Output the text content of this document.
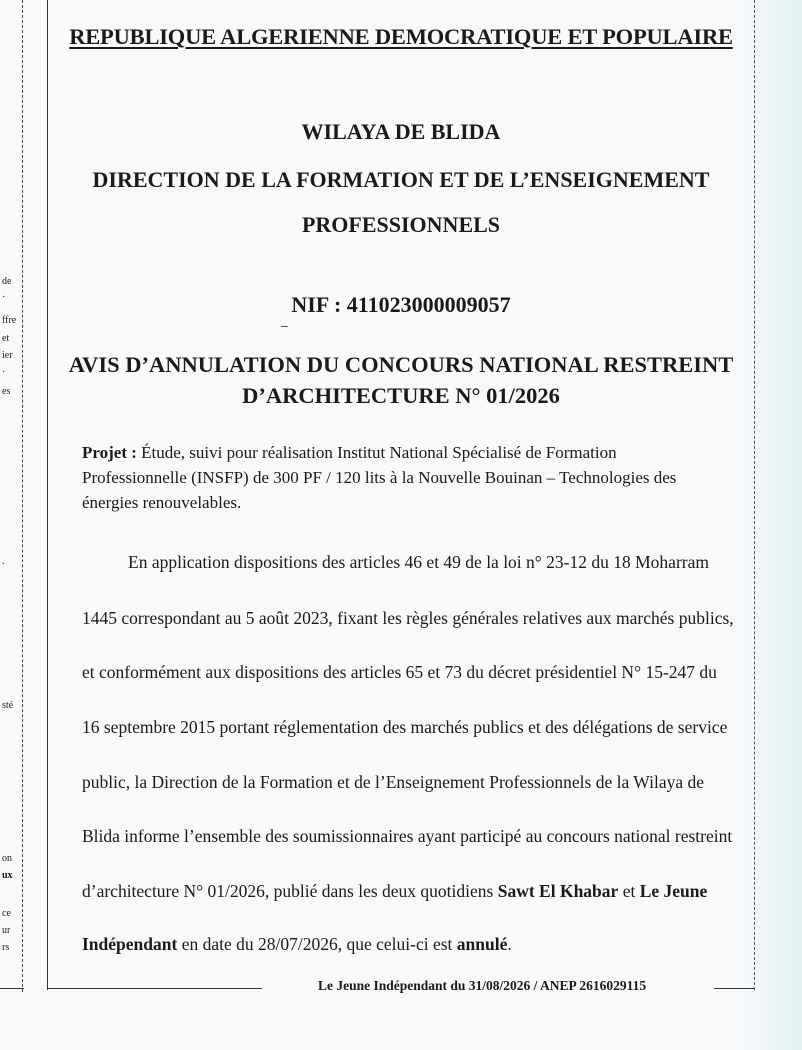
de
·
ffre
et
ier
·
es
.
sté
on
ux
ce
ur
rs
REPUBLIQUE ALGERIENNE DEMOCRATIQUE ET POPULAIRE
WILAYA DE BLIDA
DIRECTION DE LA FORMATION ET DE L’ENSEIGNEMENT
PROFESSIONNELS
NIF : 411023000009057
AVIS D’ANNULATION DU CONCOURS NATIONAL RESTREINT
D’ARCHITECTURE N° 01/2026
Projet : Étude, suivi pour réalisation Institut National Spécialisé de Formation Professionnelle (INSFP) de 300 PF / 120 lits à la Nouvelle Bouinan – Technologies des énergies renouvelables.
En application dispositions des articles 46 et 49 de la loi n° 23-12 du 18 Moharram
1445 correspondant au 5 août 2023, fixant les règles générales relatives aux marchés publics,
et conformément aux dispositions des articles 65 et 73 du décret présidentiel N° 15-247 du
16 septembre 2015 portant réglementation des marchés publics et des délégations de service
public, la Direction de la Formation et de l’Enseignement Professionnels de la Wilaya de
Blida informe l’ensemble des soumissionnaires ayant participé au concours national restreint
d’architecture N° 01/2026, publié dans les deux quotidiens Sawt El Khabar et Le Jeune
Indépendant en date du 28/07/2026, que celui-ci est annulé.
Le Jeune Indépendant du 31/08/2026 / ANEP 2616029115
